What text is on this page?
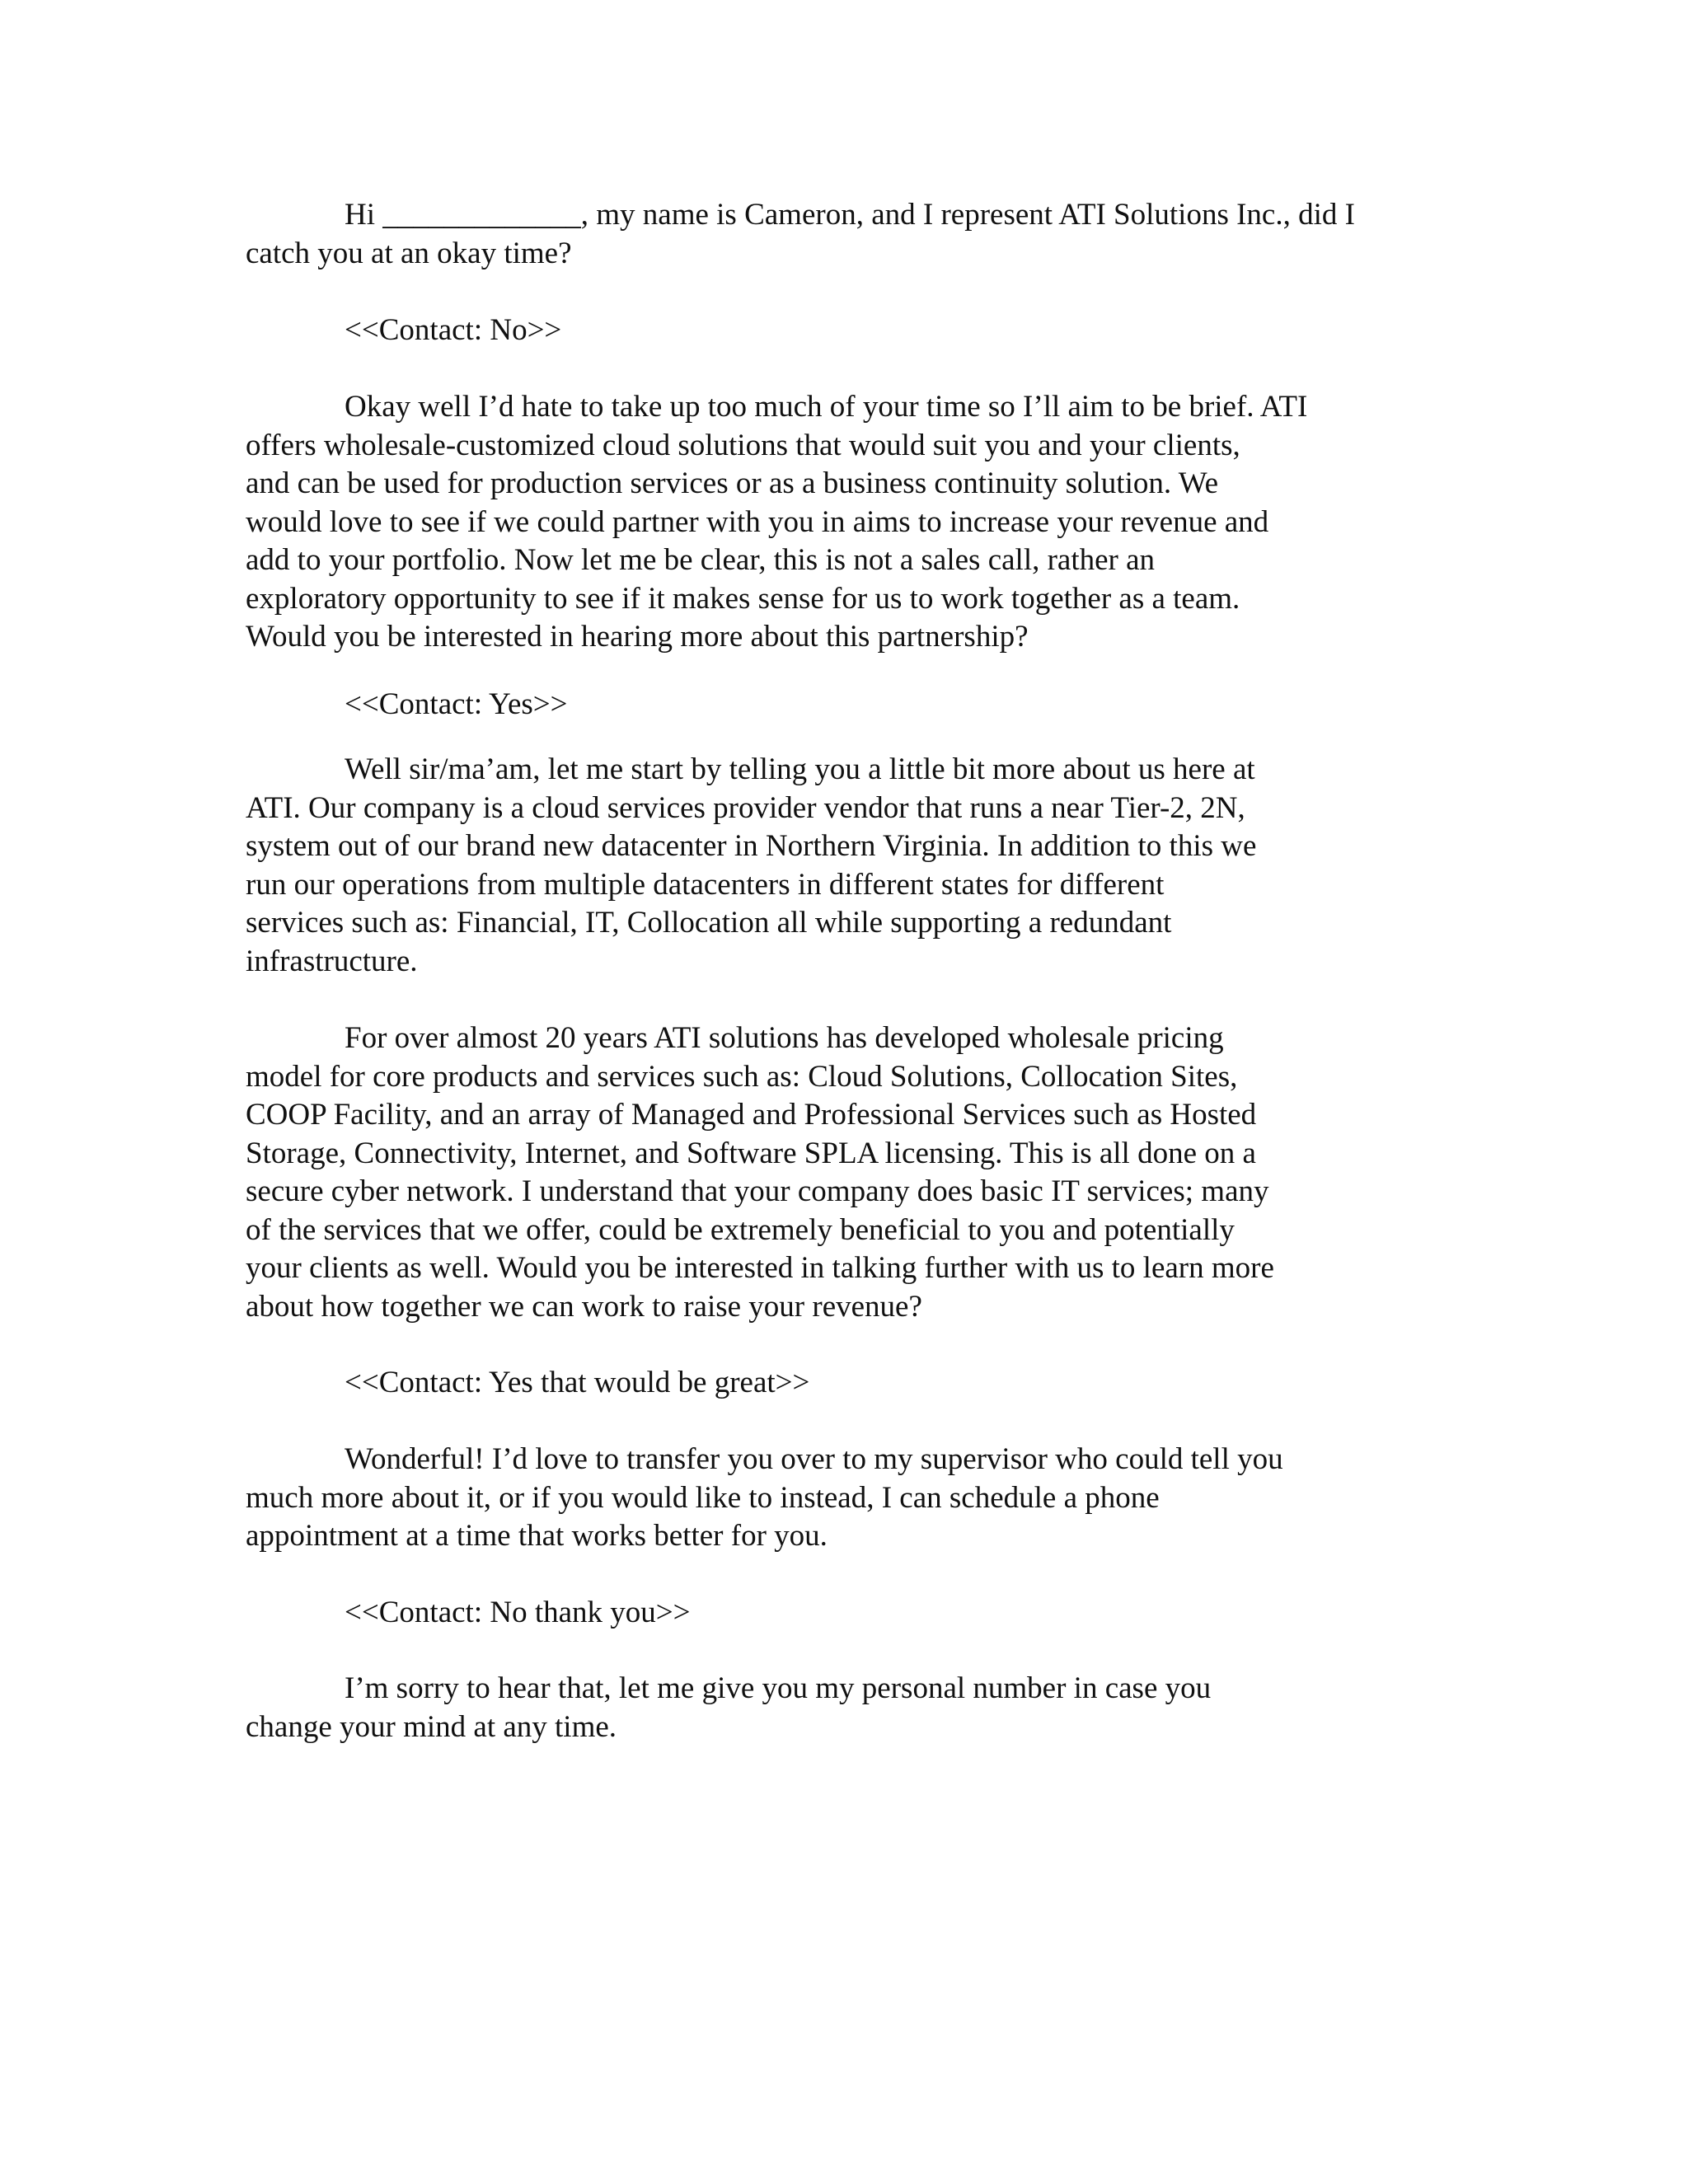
Hi _____________, my name is Cameron, and I represent ATI Solutions Inc., did I
catch you at an okay time?

<<Contact: No>>

Okay well I’d hate to take up too much of your time so I’ll aim to be brief. ATI
offers wholesale-customized cloud solutions that would suit you and your clients,
and can be used for production services or as a business continuity solution. We
would love to see if we could partner with you in aims to increase your revenue and
add to your portfolio. Now let me be clear, this is not a sales call, rather an
exploratory opportunity to see if it makes sense for us to work together as a team.
Would you be interested in hearing more about this partnership?

<<Contact: Yes>>

Well sir/ma’am, let me start by telling you a little bit more about us here at
ATI. Our company is a cloud services provider vendor that runs a near Tier-2, 2N,
system out of our brand new datacenter in Northern Virginia. In addition to this we
run our operations from multiple datacenters in different states for different
services such as: Financial, IT, Collocation all while supporting a redundant
infrastructure.

For over almost 20 years ATI solutions has developed wholesale pricing
model for core products and services such as: Cloud Solutions, Collocation Sites,
COOP Facility, and an array of Managed and Professional Services such as Hosted
Storage, Connectivity, Internet, and Software SPLA licensing. This is all done on a
secure cyber network. I understand that your company does basic IT services; many
of the services that we offer, could be extremely beneficial to you and potentially
your clients as well. Would you be interested in talking further with us to learn more
about how together we can work to raise your revenue?

<<Contact: Yes that would be great>>

Wonderful! I’d love to transfer you over to my supervisor who could tell you
much more about it, or if you would like to instead, I can schedule a phone
appointment at a time that works better for you.

<<Contact: No thank you>>

I’m sorry to hear that, let me give you my personal number in case you
change your mind at any time.
